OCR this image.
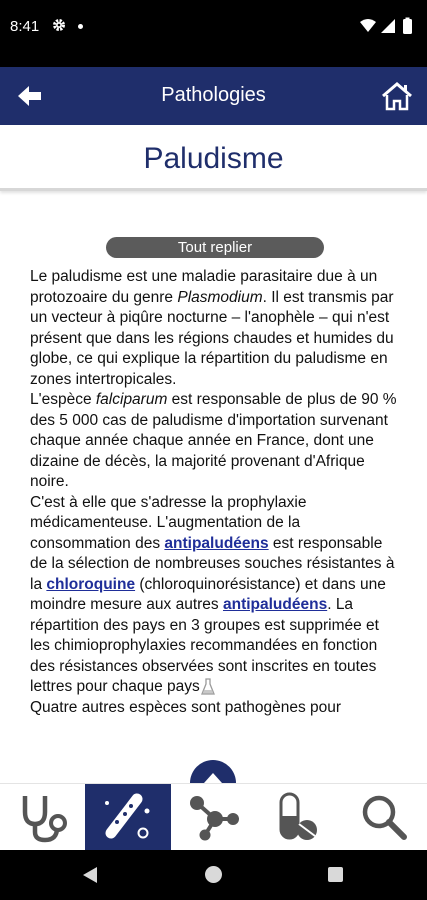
8:41
Pathologies
Paludisme
Tout replier

Le paludisme est une maladie parasitaire due à un protozoaire du genre Plasmodium. Il est transmis par un vecteur à piqûre nocturne – l'anophèle – qui n'est présent que dans les régions chaudes et humides du globe, ce qui explique la répartition du paludisme en zones intertropicales.

L'espèce falciparum est responsable de plus de 90 % des 5 000 cas de paludisme d'importation survenant chaque année chaque année en France, dont une dizaine de décès, la majorité provenant d'Afrique noire.

C'est à elle que s'adresse la prophylaxie médicamenteuse. L'augmentation de la consommation des antipaludéens est responsable de la sélection de nombreuses souches résistantes à la chloroquine (chloroquinorésistance) et dans une moindre mesure aux autres antipaludéens. La répartition des pays en 3 groupes est supprimée et les chimioprophylaxies recommandées en fonction des résistances observées sont inscrites en toutes lettres pour chaque pays

Quatre autres espèces sont pathogènes pour
